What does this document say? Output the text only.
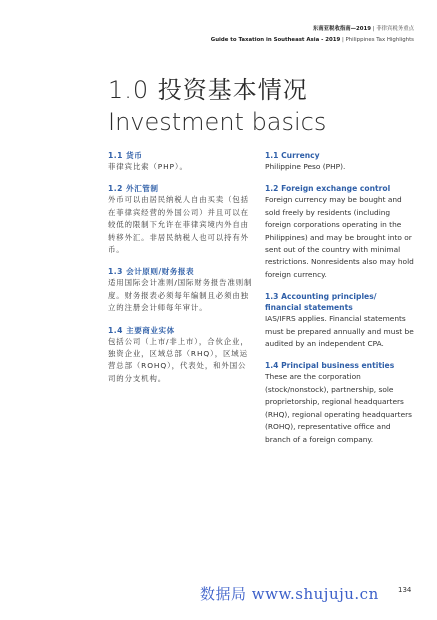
东南亚税收指南—2019 | 菲律宾税务重点
Guide to Taxation in Southeast Asia - 2019 | Philippines Tax Highlights
1.0 投资基本情况
Investment basics
1.1 货币

菲律宾比索（PHP）。

1.2 外汇管制

外币可以由居民纳税人自由买卖（包括在菲律宾经营的外国公司）并且可以在较低的限制下允许在菲律宾境内外自由转移外汇。非居民纳税人也可以持有外币。

1.3 会计原则/财务报表

适用国际会计准则/国际财务报告准则制度。财务报表必须每年编制且必须由独立的注册会计师每年审计。

1.4 主要商业实体

包括公司（上市/非上市），合伙企业，独资企业，区域总部（RHQ），区域运营总部（ROHQ），代表处，和外国公司的分支机构。

1.1 Currency

Philippine Peso (PHP).

1.2 Foreign exchange control

Foreign currency may be bought and sold freely by residents (including foreign corporations operating in the Philippines) and may be brought into or sent out of the country with minimal restrictions. Nonresidents also may hold foreign currency.

1.3 Accounting principles/ financial statements

IAS/IFRS applies. Financial statements must be prepared annually and must be audited by an independent CPA.

1.4 Principal business entities

These are the corporation (stock/nonstock), partnership, sole proprietorship, regional headquarters (RHQ), regional operating headquarters (ROHQ), representative office and branch of a foreign company.

数据局 www.shujuju.cn	134
